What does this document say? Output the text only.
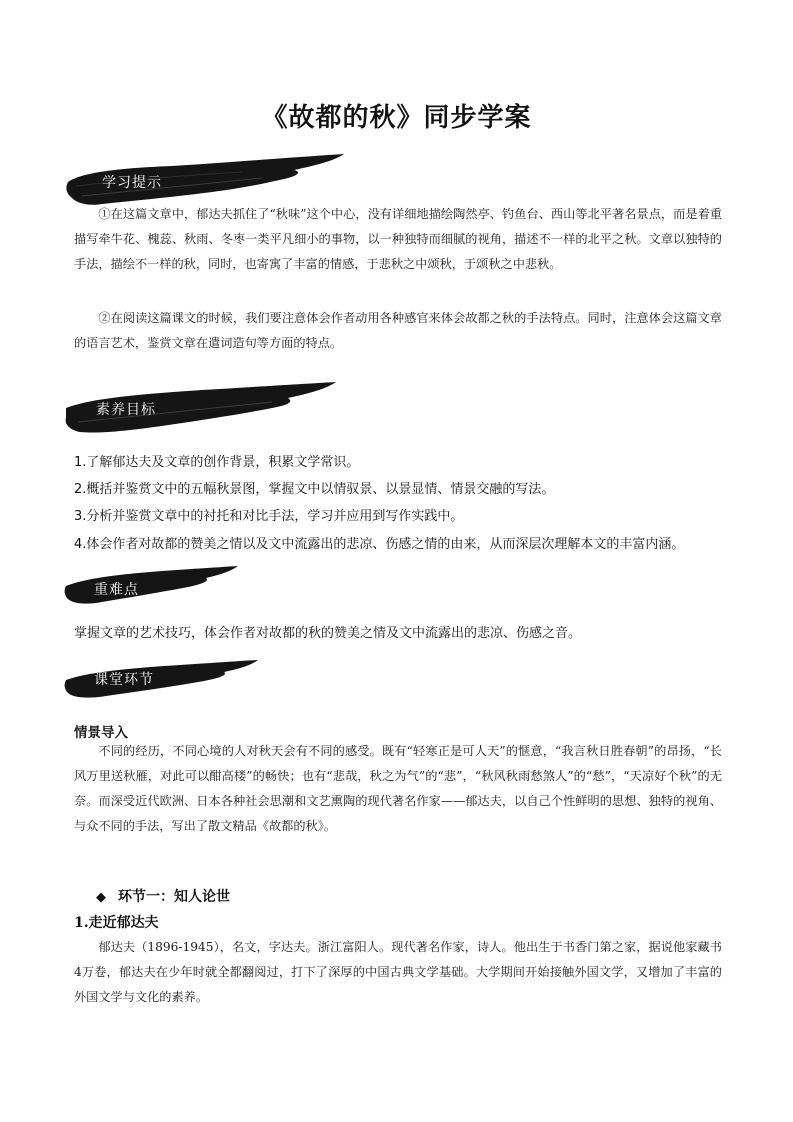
《故都的秋》同步学案
学习提示

①在这篇文章中，郁达夫抓住了“秋味”这个中心，没有详细地描绘陶然亭、钓鱼台、西山等北平著名景点，而是着重描写牵牛花、槐蕊、秋雨、冬枣一类平凡细小的事物，以一种独特而细腻的视角，描述不一样的北平之秋。文章以独特的手法，描绘不一样的秋，同时，也寄寓了丰富的情感，于悲秋之中颂秋，于颂秋之中悲秋。

②在阅读这篇课文的时候，我们要注意体会作者动用各种感官来体会故都之秋的手法特点。同时，注意体会这篇文章的语言艺术，鉴赏文章在遣词造句等方面的特点。

素养目标

1.了解郁达夫及文章的创作背景，积累文学常识。

2.概括并鉴赏文中的五幅秋景图，掌握文中以情驭景、以景显情、情景交融的写法。

3.分析并鉴赏文章中的衬托和对比手法，学习并应用到写作实践中。

4.体会作者对故都的赞美之情以及文中流露出的悲凉、伤感之情的由来，从而深层次理解本文的丰富内涵。

重难点

掌握文章的艺术技巧，体会作者对故都的秋的赞美之情及文中流露出的悲凉、伤感之音。

课堂环节
情景导入

不同的经历，不同心境的人对秋天会有不同的感受。既有“轻寒正是可人天”的惬意，“我言秋日胜春朝”的昂扬，“长风万里送秋雁，对此可以酣高楼”的畅快；也有“悲哉，秋之为气”的“悲”，“秋风秋雨愁煞人”的“愁”，“天凉好个秋”的无奈。而深受近代欧洲、日本各种社会思潮和文艺熏陶的现代著名作家——郁达夫，以自己个性鲜明的思想、独特的视角、与众不同的手法，写出了散文精品《故都的秋》。

◆ 环节一：知人论世
1.走近郁达夫

郁达夫（1896-1945），名文，字达夫。浙江富阳人。现代著名作家，诗人。他出生于书香门第之家，据说他家藏书4万卷，郁达夫在少年时就全都翻阅过，打下了深厚的中国古典文学基础。大学期间开始接触外国文学，又增加了丰富的外国文学与文化的素养。
